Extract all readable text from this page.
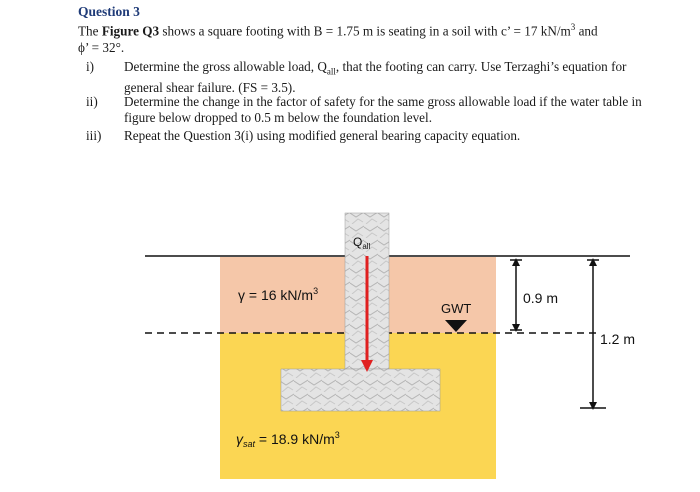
Question 3

The Figure Q3 shows a square footing with B = 1.75 m is seating in a soil with c’ = 17 $kN/m^3$ and
ϕ’ = 32°.
i) Determine the gross allowable load, $Q_{all}$, that the footing can carry. Use Terzaghi’s equation for general shear failure. (FS = 3.5).
ii) Determine the change in the factor of safety for the same gross allowable load if the water table in figure below dropped to 0.5 m below the foundation level.
iii) Repeat the Question 3(i) using modified general bearing capacity equation.
$Q_{all}$
γ = 16 $kN/m^3$
GWT
0.9 m
1.2 m
$\gamma_{sat} = 18.9$ $kN/m^3$
